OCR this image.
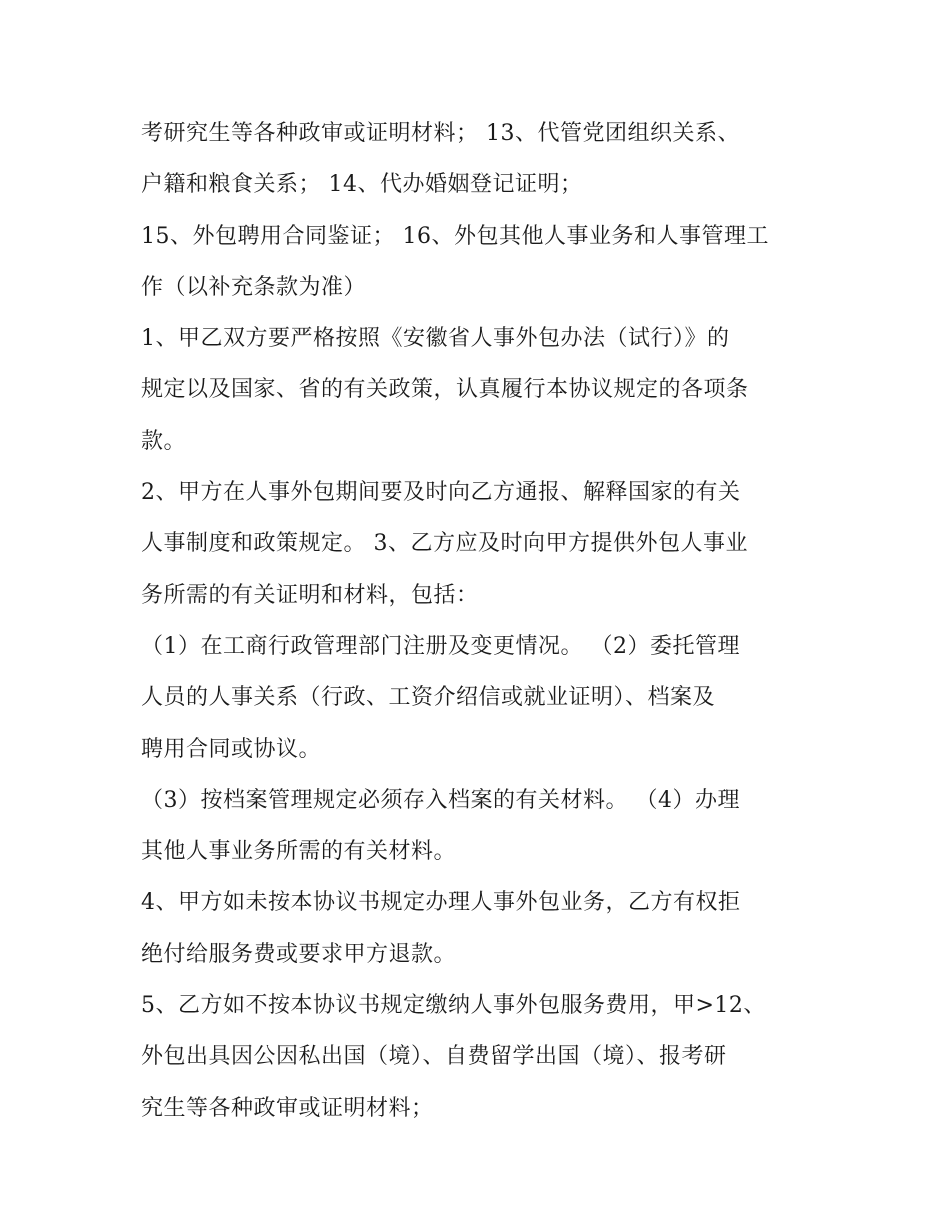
考研究生等各种政审或证明材料； 13、代管党团组织关系、
户籍和粮食关系； 14、代办婚姻登记证明；
15、外包聘用合同鉴证； 16、外包其他人事业务和人事管理工
作（以补充条款为准）
1、甲乙双方要严格按照《安徽省人事外包办法（试行）》的
规定以及国家、省的有关政策，认真履行本协议规定的各项条
款。
2、甲方在人事外包期间要及时向乙方通报、解释国家的有关
人事制度和政策规定。 3、乙方应及时向甲方提供外包人事业
务所需的有关证明和材料，包括：
（1）在工商行政管理部门注册及变更情况。 （2）委托管理
人员的人事关系（行政、工资介绍信或就业证明）、档案及
聘用合同或协议。
（3）按档案管理规定必须存入档案的有关材料。 （4）办理
其他人事业务所需的有关材料。
4、甲方如未按本协议书规定办理人事外包业务，乙方有权拒
绝付给服务费或要求甲方退款。
5、乙方如不按本协议书规定缴纳人事外包服务费用，甲>12、
外包出具因公因私出国（境）、自费留学出国（境）、报考研
究生等各种政审或证明材料；
